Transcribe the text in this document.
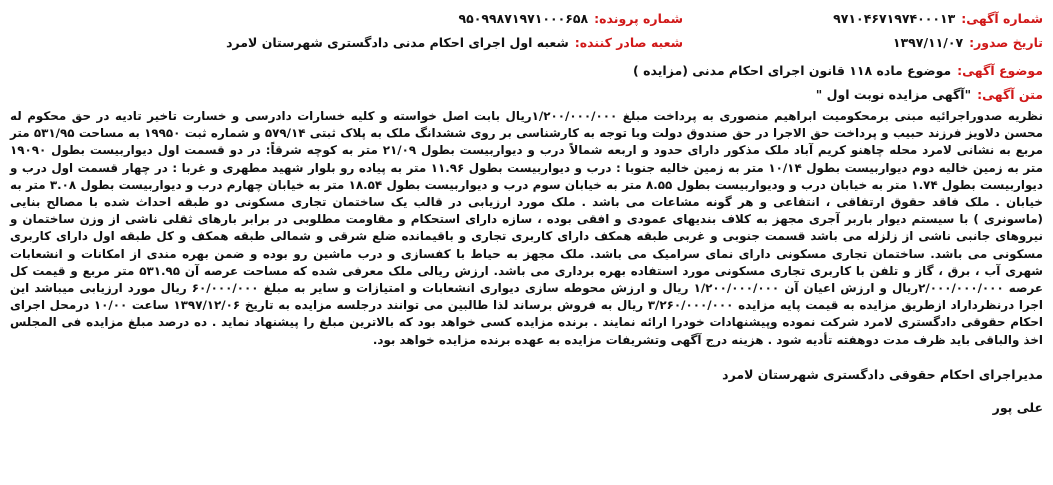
شماره آگهی:
۹۷۱۰۴۶۷۱۹۷۴۰۰۰۱۳
شماره پرونده:
۹۵۰۹۹۸۷۱۹۷۱۰۰۰۶۵۸
تاریخ صدور:
۱۳۹۷/۱۱/۰۷
شعبه صادر کننده:
شعبه اول اجرای احکام مدنی دادگستری شهرستان لامرد
موضوع آگهی:
موضوع ماده ۱۱۸ قانون اجرای احکام مدنی (مزایده )
متن آگهی:
"آگهی مزایده نوبت اول "
نظریه صدوراجرائیه مبنی برمحکومیت ابراهیم منصوری به پرداخت مبلغ ۱/۲۰۰/۰۰۰/۰۰۰ریال بابت اصل خواسته و کلیه خسارات دادرسی و خسارت تاخیر تادیه در حق محکوم له محسن دلاویز فرزند حبیب و پرداخت حق الاجرا در حق صندوق دولت وبا توجه به کارشناسی بر روی ششدانگ ملک به پلاک ثبتی ۵۷۹/۱۴ و شماره ثبت ۱۹۹۵۰ به مساحت ۵۳۱/۹۵ متر مربع به نشانی لامرد محله چاهنو کریم آباد ملک مذکور دارای حدود و اربعه شمالاً درب و دیواربیست بطول ۲۱/۰۹ متر به کوچه شرقاً: در دو قسمت اول دیواربیست بطول ۱۹۰۹۰ متر به زمین خالیه دوم دیواربیست بطول ۱۰/۱۴ متر به زمین خالیه جنوبا : درب و دیواربیست بطول ۱۱.۹۶ متر به پیاده رو بلوار شهید مطهری و غربا : در چهار قسمت اول درب و دیواربیست بطول ۱.۷۴ متر به خیابان درب و ودیواربیست بطول ۸.۵۵ متر به خیابان سوم درب و دیواربیست بطول ۱۸.۵۴ متر به خیابان چهارم درب و دیواربیست بطول ۳.۰۸ متر به خیابان . ملک فاقد حقوق ارتفاقی ، انتفاعی و هر گونه مشاعات می باشد . ملک مورد ارزیابی در قالب یک ساختمان تجاری مسکونی دو طبقه احداث شده با مصالح بنایی (ماسونری ) با سیستم دیوار باربر آجری مجهز به کلاف بندیهای عمودی و افقی بوده ، سازه دارای استحکام و مقاومت مطلوبی در برابر بارهای ثقلی ناشی از وزن ساختمان و نیروهای جانبی ناشی از زلزله می باشد قسمت جنوبی و غربی طبقه همکف دارای کاربری تجاری و باقیمانده ضلع شرقی و شمالی طبقه همکف و کل طبقه اول دارای کاربری مسکونی می باشد. ساختمان تجاری مسکونی دارای نمای سرامیک می باشد. ملک مجهز به حیاط با کفسازی و درب ماشین رو بوده و ضمن بهره مندی از امکانات و انشعابات شهری آب ، برق ، گاز و تلفن با کاربری تجاری مسکونی مورد استفاده بهره برداری می باشد. ارزش ریالی ملک معرفی شده که مساحت عرصه آن ۵۳۱.۹۵ متر مربع و قیمت کل عرصه ۲/۰۰۰/۰۰۰/۰۰۰ریال و ارزش اعیان آن ۱/۲۰۰/۰۰۰/۰۰۰ ریال و ارزش محوطه سازی دیواری انشعابات و امتیازات و سایر به مبلغ ۶۰/۰۰۰/۰۰۰ ریال مورد ارزیابی میباشد این اجرا درنظرداراد ازطریق مزایده به قیمت پایه مزایده ۳/۲۶۰/۰۰۰/۰۰۰ ریال به فروش برساند لذا طالبین می توانند درجلسه مزایده به تاریخ ۱۳۹۷/۱۲/۰۶ ساعت ۱۰/۰۰ درمحل اجرای احکام حقوقی دادگستری لامرد شرکت نموده وپیشنهادات خودرا ارائه نمایند . برنده مزایده کسی خواهد بود که بالاترین مبلغ را پیشنهاد نماید . ده درصد مبلغ مزایده فی المجلس اخذ والباقی باید ظرف مدت دوهفته تأدیه شود . هزینه درج آگهی وتشریفات مزایده به عهده برنده مزایده خواهد بود.
مدیراجرای احکام حقوقی دادگستری شهرستان لامرد
علی پور
